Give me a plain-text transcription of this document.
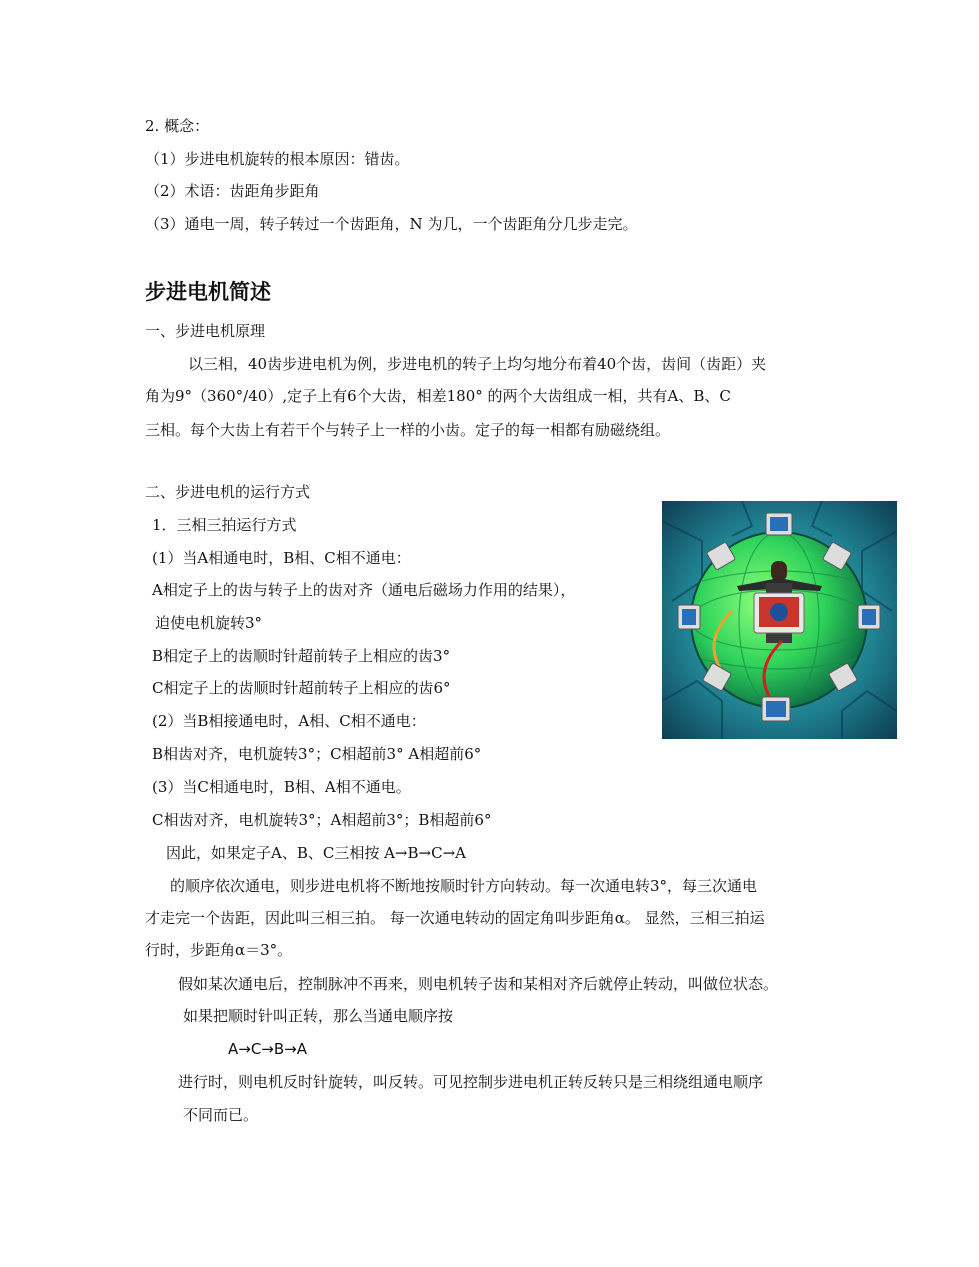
2. 概念：
（1）步进电机旋转的根本原因：错齿。
（2）术语：齿距角步距角
（3）通电一周，转子转过一个齿距角，N 为几，一个齿距角分几步走完。
步进电机简述
一、步进电机原理
以三相，40齿步进电机为例，步进电机的转子上均匀地分布着40个齿，齿间（齿距）夹
角为9°（360°/40）,定子上有6个大齿，相差180° 的两个大齿组成一相，共有A、B、C
三相。每个大齿上有若干个与转子上一样的小齿。定子的每一相都有励磁绕组。
二、步进电机的运行方式
1．三相三拍运行方式
(1）当A相通电时，B相、C相不通电：
A相定子上的齿与转子上的齿对齐（通电后磁场力作用的结果），
迫使电机旋转3°
B相定子上的齿顺时针超前转子上相应的齿3°
C相定子上的齿顺时针超前转子上相应的齿6°
(2）当B相接通电时，A相、C相不通电：
B相齿对齐，电机旋转3°；C相超前3° A相超前6°
(3）当C相通电时，B相、A相不通电。
C相齿对齐，电机旋转3°；A相超前3°；B相超前6°
因此，如果定子A、B、C三相按 A→B→C→A
的顺序依次通电，则步进电机将不断地按顺时针方向转动。每一次通电转3°，每三次通电
才走完一个齿距，因此叫三相三拍。 每一次通电转动的固定角叫步距角α。 显然，三相三拍运
行时，步距角α＝3°。
假如某次通电后，控制脉冲不再来，则电机转子齿和某相对齐后就停止转动，叫做位状态。
如果把顺时针叫正转，那么当通电顺序按
A→C→B→A
进行时，则电机反时针旋转，叫反转。可见控制步进电机正转反转只是三相绕组通电顺序
不同而已。
